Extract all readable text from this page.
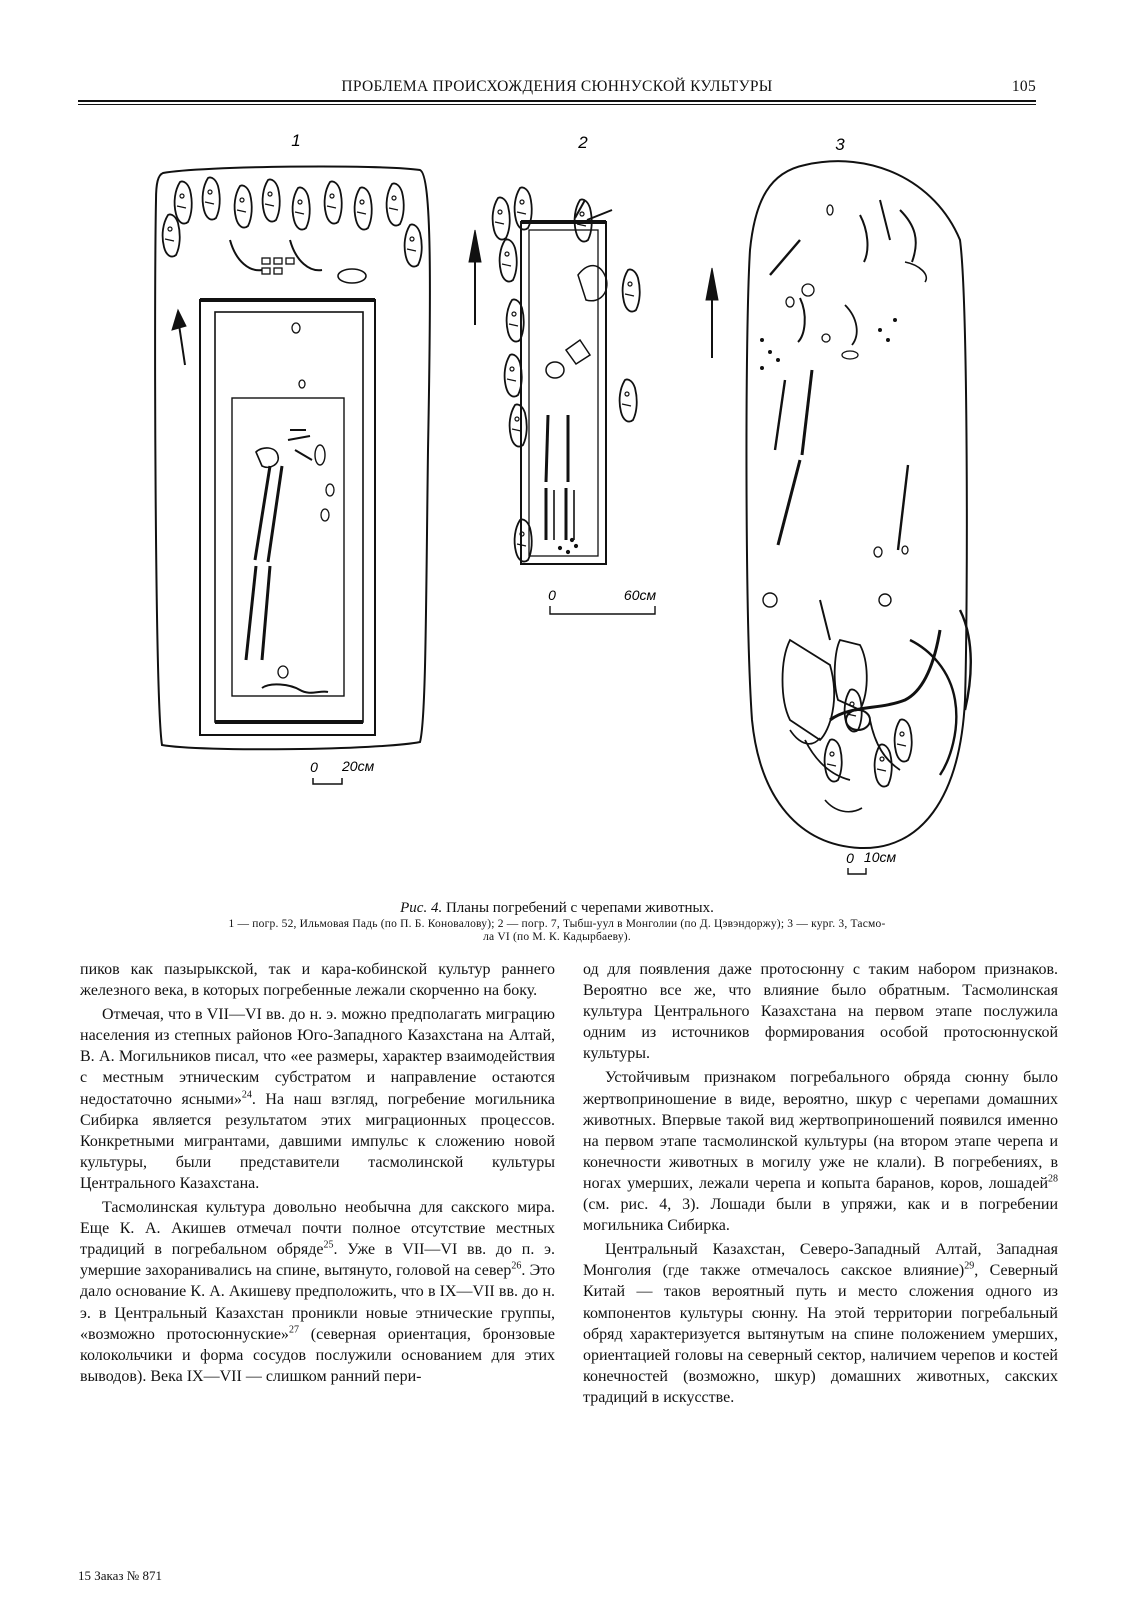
ПРОБЛЕМА ПРОИСХОЖДЕНИЯ СЮННУСКОЙ КУЛЬТУРЫ	105
1	2	3
0 20см
0	60см
0 10см
Рис. 4. Планы погребений с черепами животных.
1 — погр. 52, Ильмовая Падь (по П. Б. Коновалову); 2 — погр. 7, Тыбш-уул в Монголии (по Д. Цэвэндоржу); 3 — кург. 3, Тасмо-
ла VI (по М. К. Кадырбаеву).

пиков как пазырыкской, так и кара-кобинской культур раннего железного века, в которых погребенные лежали скорченно на боку.

Отмечая, что в VII—VI вв. до н. э. можно предполагать миграцию населения из степных районов Юго-Западного Казахстана на Алтай, В. А. Могильников писал, что «ее размеры, характер взаимодействия с местным этническим субстратом и направление остаются недостаточно ясными»$^{24}$. На наш взгляд, погребение могильника Сибирка является результатом этих миграционных процессов. Конкретными мигрантами, давшими импульс к сложению новой культуры, были представители тасмолинской культуры Центрального Казахстана.

Тасмолинская культура довольно необычна для сакского мира. Еще К. А. Акишев отмечал почти полное отсутствие местных традиций в погребальном обряде$^{25}$. Уже в VII—VI вв. до п. э. умершие захоранивались на спине, вытянуто, головой на север$^{26}$. Это дало основание К. А. Акишеву предположить, что в IX—VII вв. до н. э. в Центральный Казахстан проникли новые этнические группы, «возможно протосюннуские»$^{27}$ (северная ориентация, бронзовые колокольчики и форма сосудов послужили основанием для этих выводов). Века IX—VII — слишком ранний пери-

од для появления даже протосюнну с таким набором признаков. Вероятно все же, что влияние было обратным. Тасмолинская культура Центрального Казахстана на первом этапе послужила одним из источников формирования особой протосюннуской культуры.

Устойчивым признаком погребального обряда сюнну было жертвоприношение в виде, вероятно, шкур с черепами домашних животных. Впервые такой вид жертвоприношений появился именно на первом этапе тасмолинской культуры (на втором этапе черепа и конечности животных в могилу уже не клали). В погребениях, в ногах умерших, лежали черепа и копыта баранов, коров, лошадей$^{28}$ (см. рис. 4, 3). Лошади были в упряжи, как и в погребении могильника Сибирка.

Центральный Казахстан, Северо-Западный Алтай, Западная Монголия (где также отмечалось сакское влияние)$^{29}$, Северный Китай — таков вероятный путь и место сложения одного из компонентов культуры сюнну. На этой территории погребальный обряд характеризуется вытянутым на спине положением умерших, ориентацией головы на северный сектор, наличием черепов и костей конечностей (возможно, шкур) домашних животных, сакских традиций в искусстве.

15 Заказ № 871
